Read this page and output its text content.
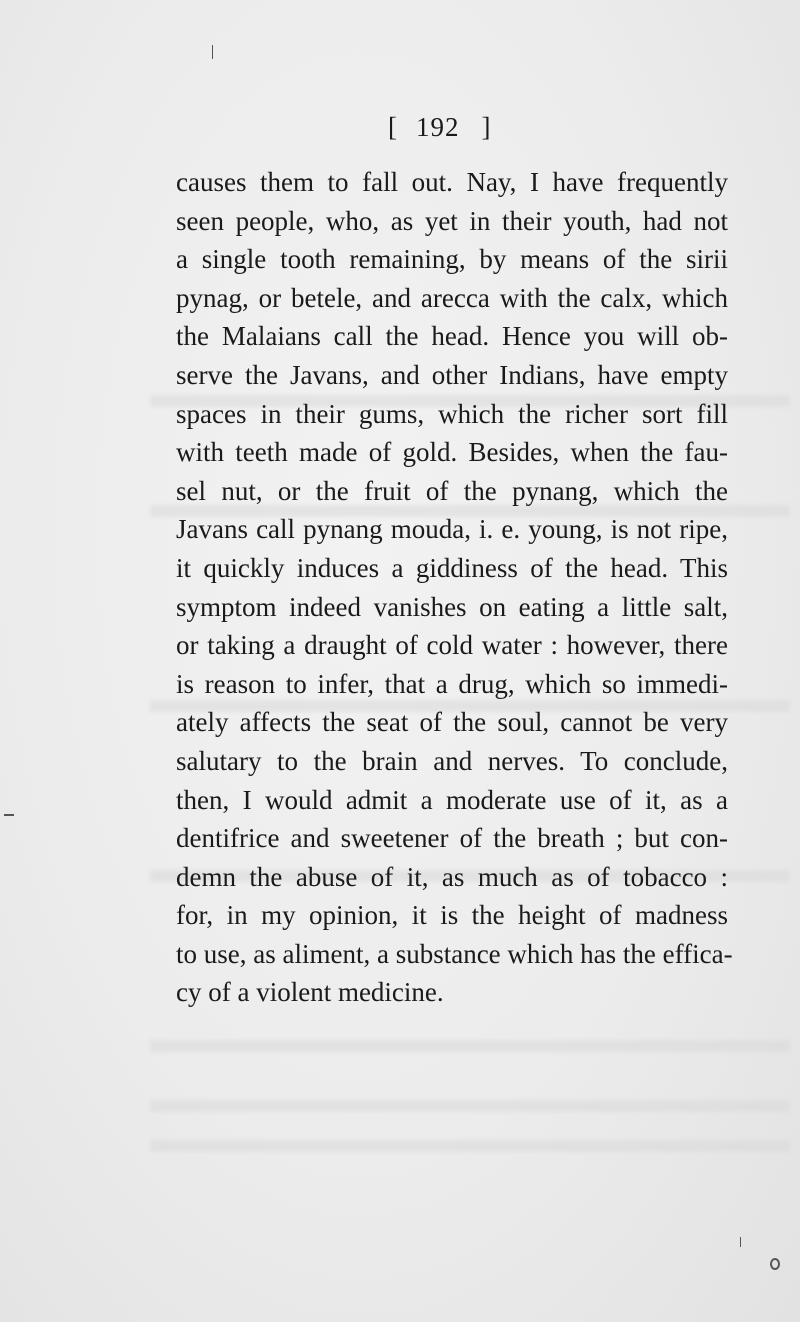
[ 192 ]
causes them to fall out. Nay, I have frequently
seen people, who, as yet in their youth, had not
a single tooth remaining, by means of the sirii
pynag, or betele, and arecca with the calx, which
the Malaians call the head. Hence you will ob-
serve the Javans, and other Indians, have empty
spaces in their gums, which the richer sort fill
with teeth made of gold. Besides, when the fau-
sel nut, or the fruit of the pynang, which the
Javans call pynang mouda, i. e. young, is not ripe,
it quickly induces a giddiness of the head. This
symptom indeed vanishes on eating a little salt,
or taking a draught of cold water : however, there
is reason to infer, that a drug, which so immedi-
ately affects the seat of the soul, cannot be very
salutary to the brain and nerves. To conclude,
then, I would admit a moderate use of it, as a
dentifrice and sweetener of the breath ; but con-
demn the abuse of it, as much as of tobacco :
for, in my opinion, it is the height of madness
to use, as aliment, a substance which has the effica-
cy of a violent medicine.
